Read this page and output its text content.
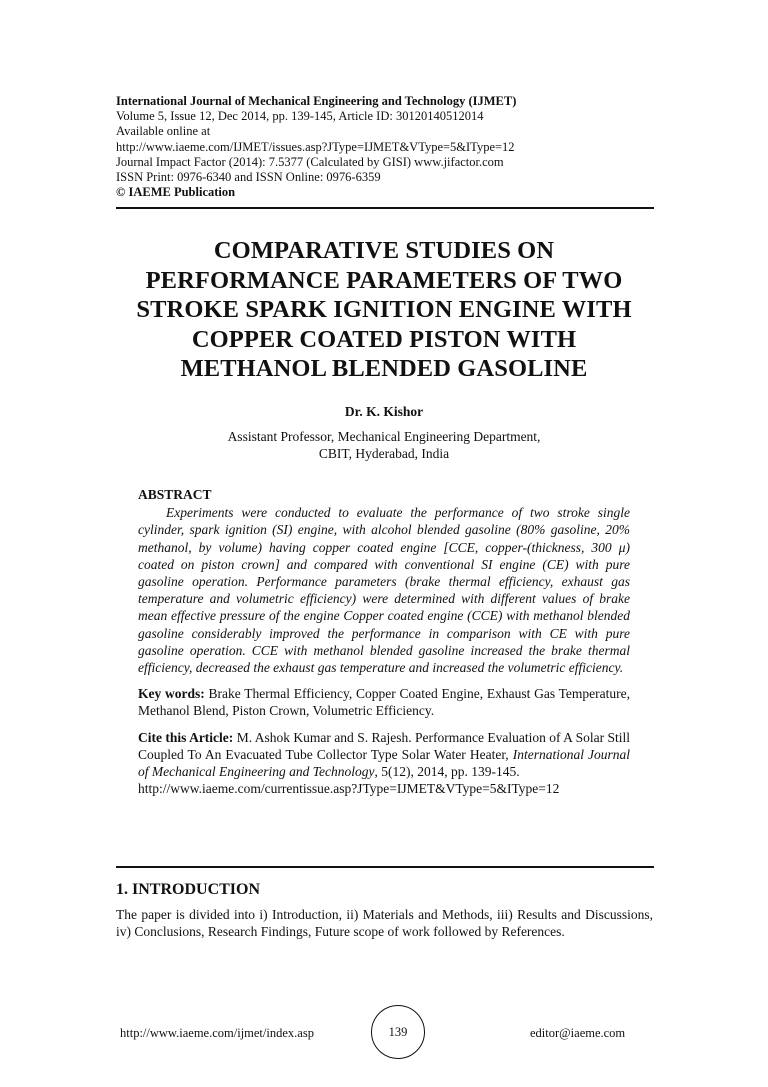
International Journal of Mechanical Engineering and Technology (IJMET)
Volume 5, Issue 12, Dec 2014, pp. 139-145, Article ID: 30120140512014
Available online at
http://www.iaeme.com/IJMET/issues.asp?JType=IJMET&VType=5&IType=12
Journal Impact Factor (2014): 7.5377 (Calculated by GISI) www.jifactor.com
ISSN Print: 0976-6340 and ISSN Online: 0976-6359
© IAEME Publication
COMPARATIVE STUDIES ON
PERFORMANCE PARAMETERS OF TWO
STROKE SPARK IGNITION ENGINE WITH
COPPER COATED PISTON WITH
METHANOL BLENDED GASOLINE
Dr. K. Kishor
Assistant Professor, Mechanical Engineering Department,
CBIT, Hyderabad, India
ABSTRACT

Experiments were conducted to evaluate the performance of two stroke single cylinder, spark ignition (SI) engine, with alcohol blended gasoline (80% gasoline, 20% methanol, by volume) having copper coated engine [CCE, copper-(thickness, 300 μ) coated on piston crown] and compared with conventional SI engine (CE) with pure gasoline operation. Performance parameters (brake thermal efficiency, exhaust gas temperature and volumetric efficiency) were determined with different values of brake mean effective pressure of the engine Copper coated engine (CCE) with methanol blended gasoline considerably improved the performance in comparison with CE with pure gasoline operation. CCE with methanol blended gasoline increased the brake thermal efficiency, decreased the exhaust gas temperature and increased the volumetric efficiency.

Key words: Brake Thermal Efficiency, Copper Coated Engine, Exhaust Gas Temperature, Methanol Blend, Piston Crown, Volumetric Efficiency.

Cite this Article: M. Ashok Kumar and S. Rajesh. Performance Evaluation of A Solar Still Coupled To An Evacuated Tube Collector Type Solar Water Heater, International Journal of Mechanical Engineering and Technology, 5(12), 2014, pp. 139-145.
http://www.iaeme.com/currentissue.asp?JType=IJMET&VType=5&IType=12

1. INTRODUCTION

The paper is divided into i) Introduction, ii) Materials and Methods, iii) Results and Discussions, iv) Conclusions, Research Findings, Future scope of work followed by References.

http://www.iaeme.com/ijmet/index.asp	139	editor@iaeme.com
